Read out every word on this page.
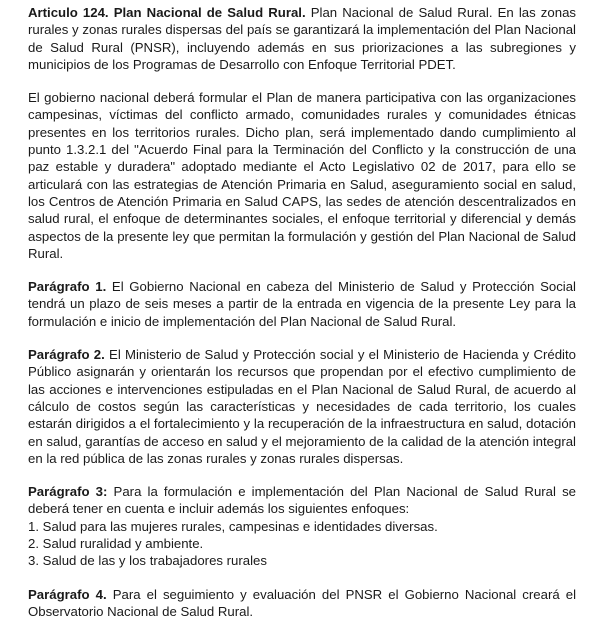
Articulo 124. Plan Nacional de Salud Rural. Plan Nacional de Salud Rural. En las zonas rurales y zonas rurales dispersas del país se garantizará la implementación del Plan Nacional de Salud Rural (PNSR), incluyendo además en sus priorizaciones a las subregiones y municipios de los Programas de Desarrollo con Enfoque Territorial PDET.

El gobierno nacional deberá formular el Plan de manera participativa con las organizaciones campesinas, víctimas del conflicto armado, comunidades rurales y comunidades étnicas presentes en los territorios rurales. Dicho plan, será implementado dando cumplimiento al punto 1.3.2.1 del "Acuerdo Final para la Terminación del Conflicto y la construcción de una paz estable y duradera" adoptado mediante el Acto Legislativo 02 de 2017, para ello se articulará con las estrategias de Atención Primaria en Salud, aseguramiento social en salud, los Centros de Atención Primaria en Salud CAPS, las sedes de atención descentralizados en salud rural, el enfoque de determinantes sociales, el enfoque territorial y diferencial y demás aspectos de la presente ley que permitan la formulación y gestión del Plan Nacional de Salud Rural.

Parágrafo 1. El Gobierno Nacional en cabeza del Ministerio de Salud y Protección Social tendrá un plazo de seis meses a partir de la entrada en vigencia de la presente Ley para la formulación e inicio de implementación del Plan Nacional de Salud Rural.

Parágrafo 2. El Ministerio de Salud y Protección social y el Ministerio de Hacienda y Crédito Público asignarán y orientarán los recursos que propendan por el efectivo cumplimiento de las acciones e intervenciones estipuladas en el Plan Nacional de Salud Rural, de acuerdo al cálculo de costos según las características y necesidades de cada territorio, los cuales estarán dirigidos a el fortalecimiento y la recuperación de la infraestructura en salud, dotación en salud, garantías de acceso en salud y el mejoramiento de la calidad de la atención integral en la red pública de las zonas rurales y zonas rurales dispersas.

Parágrafo 3: Para la formulación e implementación del Plan Nacional de Salud Rural se deberá tener en cuenta e incluir además los siguientes enfoques:

1. Salud para las mujeres rurales, campesinas e identidades diversas.
2. Salud ruralidad y ambiente.
3. Salud de las y los trabajadores rurales

Parágrafo 4. Para el seguimiento y evaluación del PNSR el Gobierno Nacional creará el Observatorio Nacional de Salud Rural.
